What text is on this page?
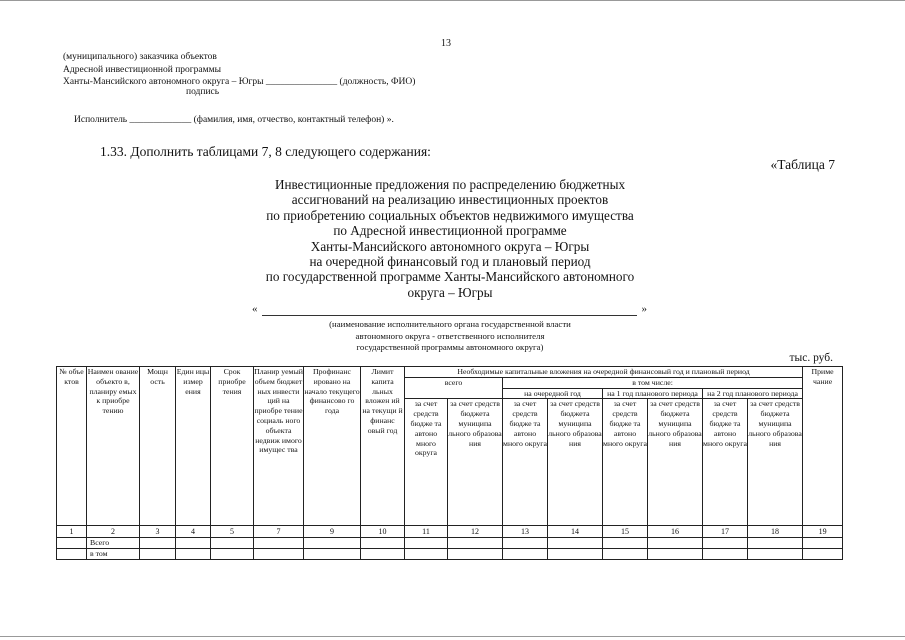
13
(муниципального) заказчика объектов
Адресной инвестиционной программы
Ханты-Мансийского автономного округа – Югры _______________ (должность, ФИО)
подпись
Исполнитель _____________ (фамилия, имя, отчество, контактный телефон) ».
1.33. Дополнить таблицами 7, 8 следующего содержания:
«Таблица 7
Инвестиционные предложения по распределению бюджетных
ассигнований на реализацию инвестиционных проектов
по приобретению социальных объектов недвижимого имущества
по Адресной инвестиционной программе
Ханты-Мансийского автономного округа – Югры
на очередной финансовый год и плановый период
по государственной программе Ханты-Мансийского автономного
округа – Югры
«	»
(наименование исполнительного органа государственной власти
автономного округа - ответственного исполнителя
государственной программы автономного округа)
тыс. руб.
№ объе ктов	Наимен ование объекто в, планиру емых к приобре тению	Мощн ость	Един ицы измер ения	Срок приобре тения	Планир уемый объем бюджет ных инвести ций на приобре тение социаль ного объекта недвиж имого имущес тва	Профинанс ировано на начало текущего финансово го года	Лимит капита льных вложен ий на текущи й финанс овый год	Необходимые капитальные вложения на очередной финансовый год и плановый период								Приме чание
								всего		в том числе:						
										на очередной год		на 1 год планового периода		на 2 год планового периода		
								за счет средств бюдже та автоно много округа	за счет средств бюджета муниципа льного образова ния	за счет средств бюдже та автоно много округа	за счет средств бюджета муниципа льного образова ния	за счет средств бюдже та автоно много округа	за счет средств бюджета муниципа льного образова ния	за счет средств бюдже та автоно много округа	за счет средств бюджета муниципа льного образова ния	
1	2	3	4	5	7	9	10	11	12	13	14	15	16	17	18	19
	Всего															
	в том															
